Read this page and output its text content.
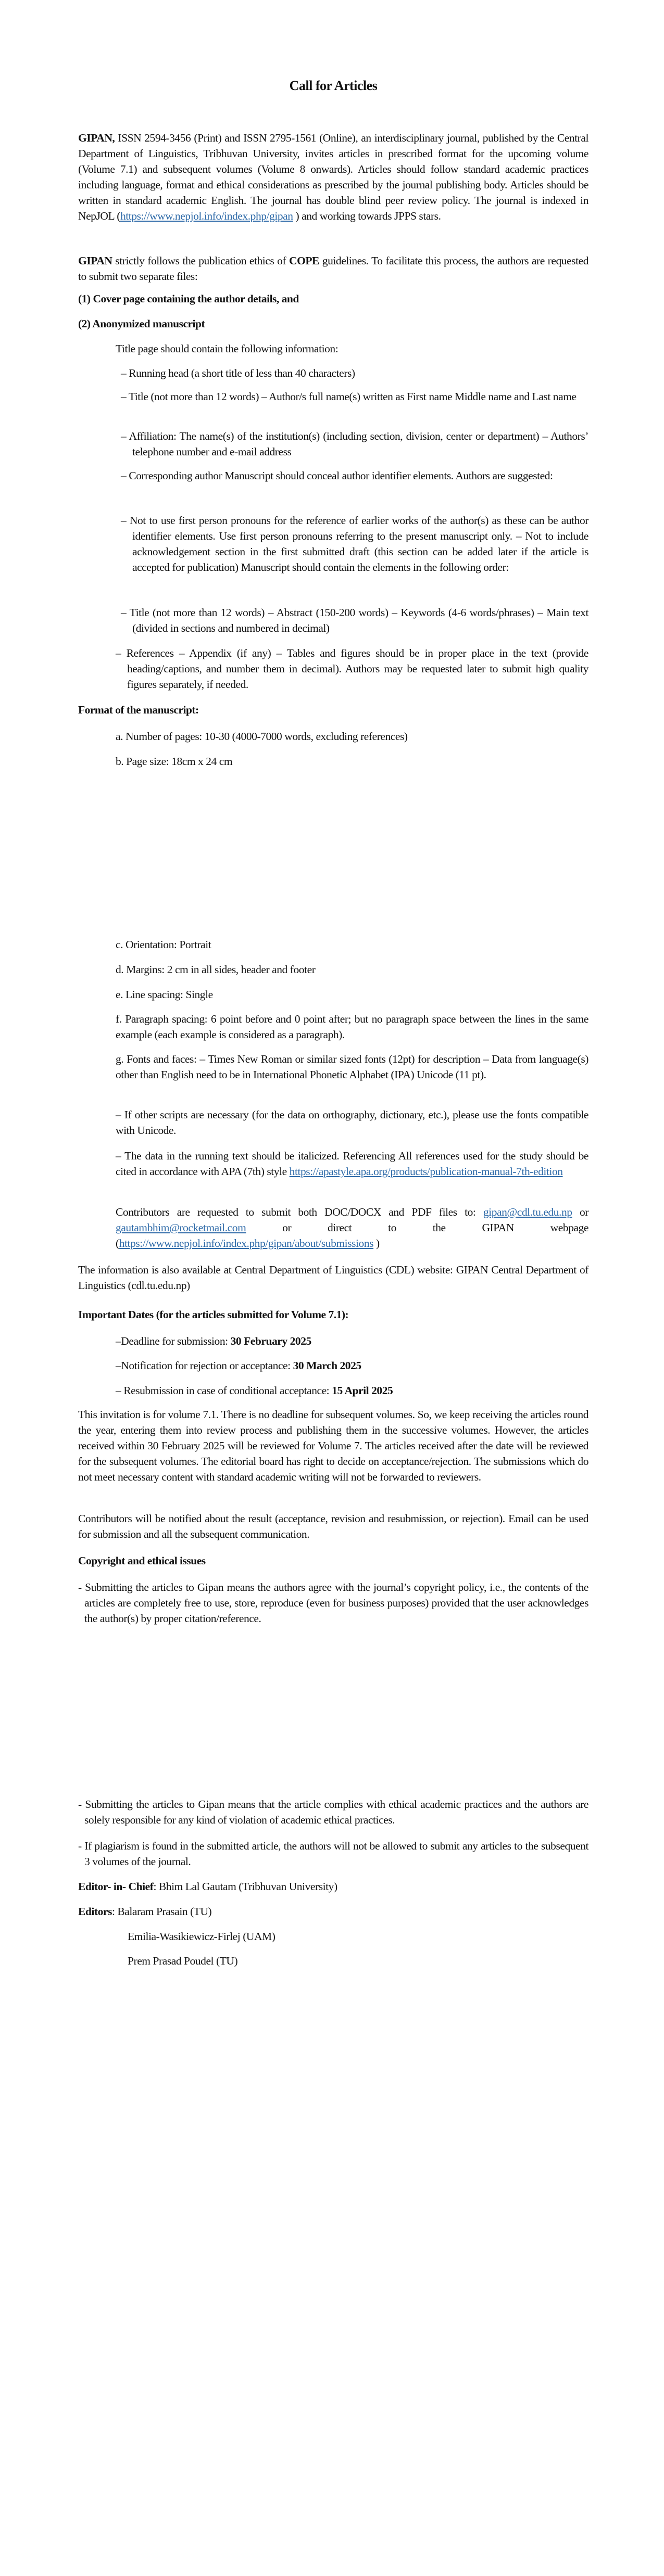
Call for Articles
GIPAN, ISSN 2594-3456 (Print) and ISSN 2795-1561 (Online), an interdisciplinary journal, published by the Central Department of Linguistics, Tribhuvan University, invites articles in prescribed format for the upcoming volume (Volume 7.1) and subsequent volumes (Volume 8 onwards). Articles should follow standard academic practices including language, format and ethical considerations as prescribed by the journal publishing body. Articles should be written in standard academic English. The journal has double blind peer review policy. The journal is indexed in NepJOL (https://www.nepjol.info/index.php/gipan ) and working towards JPPS stars.
GIPAN strictly follows the publication ethics of COPE guidelines. To facilitate this process, the authors are requested to submit two separate files:
(1) Cover page containing the author details, and
(2) Anonymized manuscript
Title page should contain the following information:
– Running head (a short title of less than 40 characters)
– Title (not more than 12 words) – Author/s full name(s) written as First name Middle name and Last name
– Affiliation: The name(s) of the institution(s) (including section, division, center or department) – Authors’ telephone number and e-mail address
– Corresponding author Manuscript should conceal author identifier elements. Authors are suggested:
– Not to use first person pronouns for the reference of earlier works of the author(s) as these can be author identifier elements. Use first person pronouns referring to the present manuscript only. – Not to include acknowledgement section in the first submitted draft (this section can be added later if the article is accepted for publication) Manuscript should contain the elements in the following order:
– Title (not more than 12 words) – Abstract (150-200 words) – Keywords (4-6 words/phrases) – Main text (divided in sections and numbered in decimal)
– References – Appendix (if any) – Tables and figures should be in proper place in the text (provide heading/captions, and number them in decimal). Authors may be requested later to submit high quality figures separately, if needed.
Format of the manuscript:
a. Number of pages: 10-30 (4000-7000 words, excluding references)
b. Page size: 18cm x 24 cm
c. Orientation: Portrait
d. Margins: 2 cm in all sides, header and footer
e. Line spacing: Single
f. Paragraph spacing: 6 point before and 0 point after; but no paragraph space between the lines in the same example (each example is considered as a paragraph).
g. Fonts and faces: – Times New Roman or similar sized fonts (12pt) for description – Data from language(s) other than English need to be in International Phonetic Alphabet (IPA) Unicode (11 pt).
– If other scripts are necessary (for the data on orthography, dictionary, etc.), please use the fonts compatible with Unicode.
– The data in the running text should be italicized. Referencing All references used for the study should be cited in accordance with APA (7th) style https://apastyle.apa.org/products/publication-manual-7th-edition
Contributors are requested to submit both DOC/DOCX and PDF files to: gipan@cdl.tu.edu.np or gautambhim@rocketmail.com or direct to the GIPAN webpage (https://www.nepjol.info/index.php/gipan/about/submissions )
The information is also available at Central Department of Linguistics (CDL) website: GIPAN Central Department of Linguistics (cdl.tu.edu.np)
Important Dates (for the articles submitted for Volume 7.1):
–Deadline for submission: 30 February 2025
–Notification for rejection or acceptance: 30 March 2025
– Resubmission in case of conditional acceptance: 15 April 2025
This invitation is for volume 7.1. There is no deadline for subsequent volumes. So, we keep receiving the articles round the year, entering them into review process and publishing them in the successive volumes. However, the articles received within 30 February 2025 will be reviewed for Volume 7. The articles received after the date will be reviewed for the subsequent volumes. The editorial board has right to decide on acceptance/rejection. The submissions which do not meet necessary content with standard academic writing will not be forwarded to reviewers.
Contributors will be notified about the result (acceptance, revision and resubmission, or rejection). Email can be used for submission and all the subsequent communication.
Copyright and ethical issues
- Submitting the articles to Gipan means the authors agree with the journal’s copyright policy, i.e., the contents of the articles are completely free to use, store, reproduce (even for business purposes) provided that the user acknowledges the author(s) by proper citation/reference.
- Submitting the articles to Gipan means that the article complies with ethical academic practices and the authors are solely responsible for any kind of violation of academic ethical practices.
- If plagiarism is found in the submitted article, the authors will not be allowed to submit any articles to the subsequent 3 volumes of the journal.
Editor- in- Chief: Bhim Lal Gautam (Tribhuvan University)
Editors: Balaram Prasain (TU)
Emilia-Wasikiewicz-Firlej (UAM)
Prem Prasad Poudel (TU)
